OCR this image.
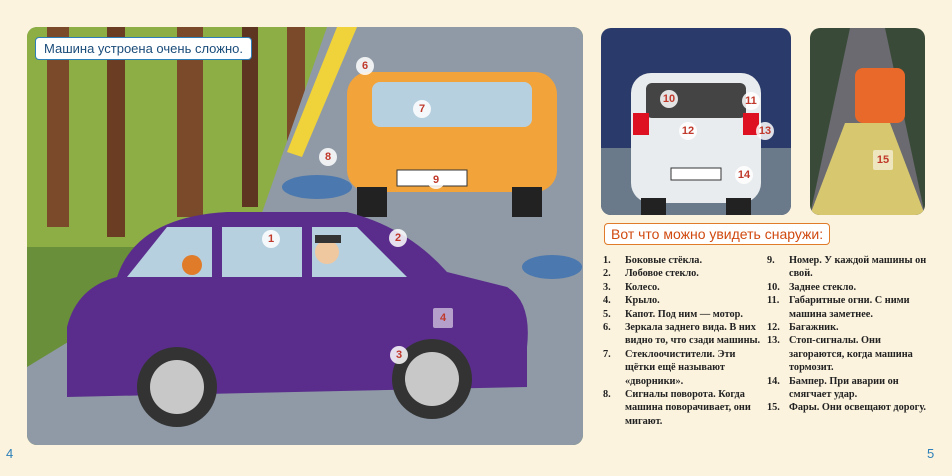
Машина устроена очень сложно.
6
7
8
9
1	2
4
3
10	11
12	13
14
15
Вот что можно увидеть снаружи:
1. Боковые стёкла.
2. Лобовое стекло.
3. Колесо.
4. Крыло.
5. Капот. Под ним — мотор.
6. Зеркала заднего вида. В них видно то, что сзади машины.
7. Стеклоочистители. Эти щётки ещё называют «дворники».
8. Сигналы поворота. Когда машина поворачивает, они мигают.
9. Номер. У каждой машины он свой.
10. Заднее стекло.
11. Габаритные огни. С ними машина заметнее.
12. Багажник.
13. Стоп-сигналы. Они загораются, когда машина тормозит.
14. Бампер. При аварии он смягчает удар.
15. Фары. Они освещают дорогу.
4	5
